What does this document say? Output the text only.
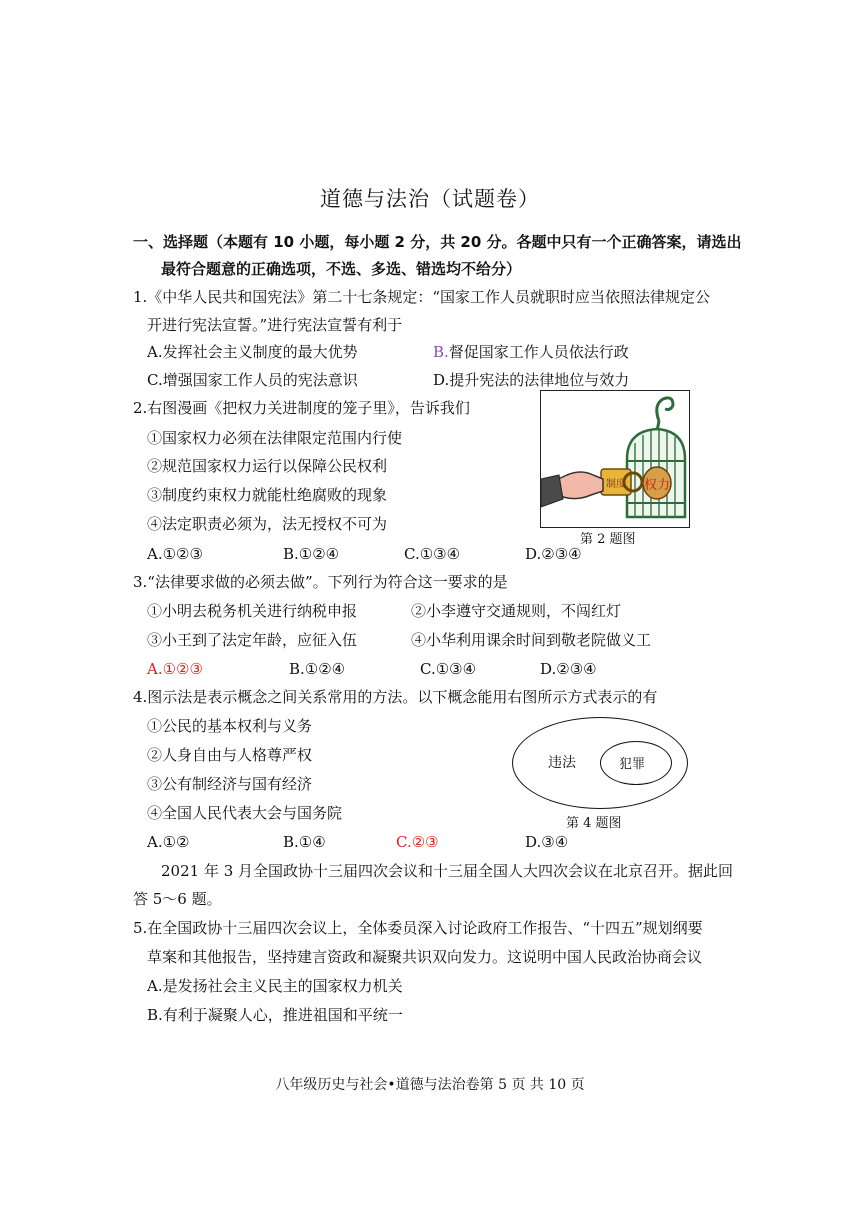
道德与法治（试题卷）
一、选择题（本题有 10 小题，每小题 2 分，共 20 分。各题中只有一个正确答案，请选出
最符合题意的正确选项，不选、多选、错选均不给分）
1.《中华人民共和国宪法》第二十七条规定：“国家工作人员就职时应当依照法律规定公
开进行宪法宣誓。”进行宪法宣誓有利于
A.发挥社会主义制度的最大优势	B.督促国家工作人员依法行政
C.增强国家工作人员的宪法意识	D.提升宪法的法律地位与效力
2.右图漫画《把权力关进制度的笼子里》，告诉我们
①国家权力必须在法律限定范围内行使
②规范国家权力运行以保障公民权利
③制度约束权力就能杜绝腐败的现象
④法定职责必须为，法无授权不可为
A.①②③	B.①②④	C.①③④	D.②③④
权力
制度
第 2 题图
3.“法律要求做的必须去做”。下列行为符合这一要求的是
①小明去税务机关进行纳税申报	②小李遵守交通规则，不闯红灯
③小王到了法定年龄，应征入伍	④小华利用课余时间到敬老院做义工
A.①②③	B.①②④	C.①③④	D.②③④
4.图示法是表示概念之间关系常用的方法。以下概念能用右图所示方式表示的有
①公民的基本权利与义务
②人身自由与人格尊严权
③公有制经济与国有经济
④全国人民代表大会与国务院
A.①②	B.①④	C.②③	D.③④
违法	犯罪
第 4 题图
2021 年 3 月全国政协十三届四次会议和十三届全国人大四次会议在北京召开。据此回
答 5～6 题。
5.在全国政协十三届四次会议上，全体委员深入讨论政府工作报告、“十四五”规划纲要
草案和其他报告，坚持建言资政和凝聚共识双向发力。这说明中国人民政治协商会议
A.是发扬社会主义民主的国家权力机关
B.有利于凝聚人心，推进祖国和平统一
八年级历史与社会•道德与法治卷第 5 页 共 10 页
